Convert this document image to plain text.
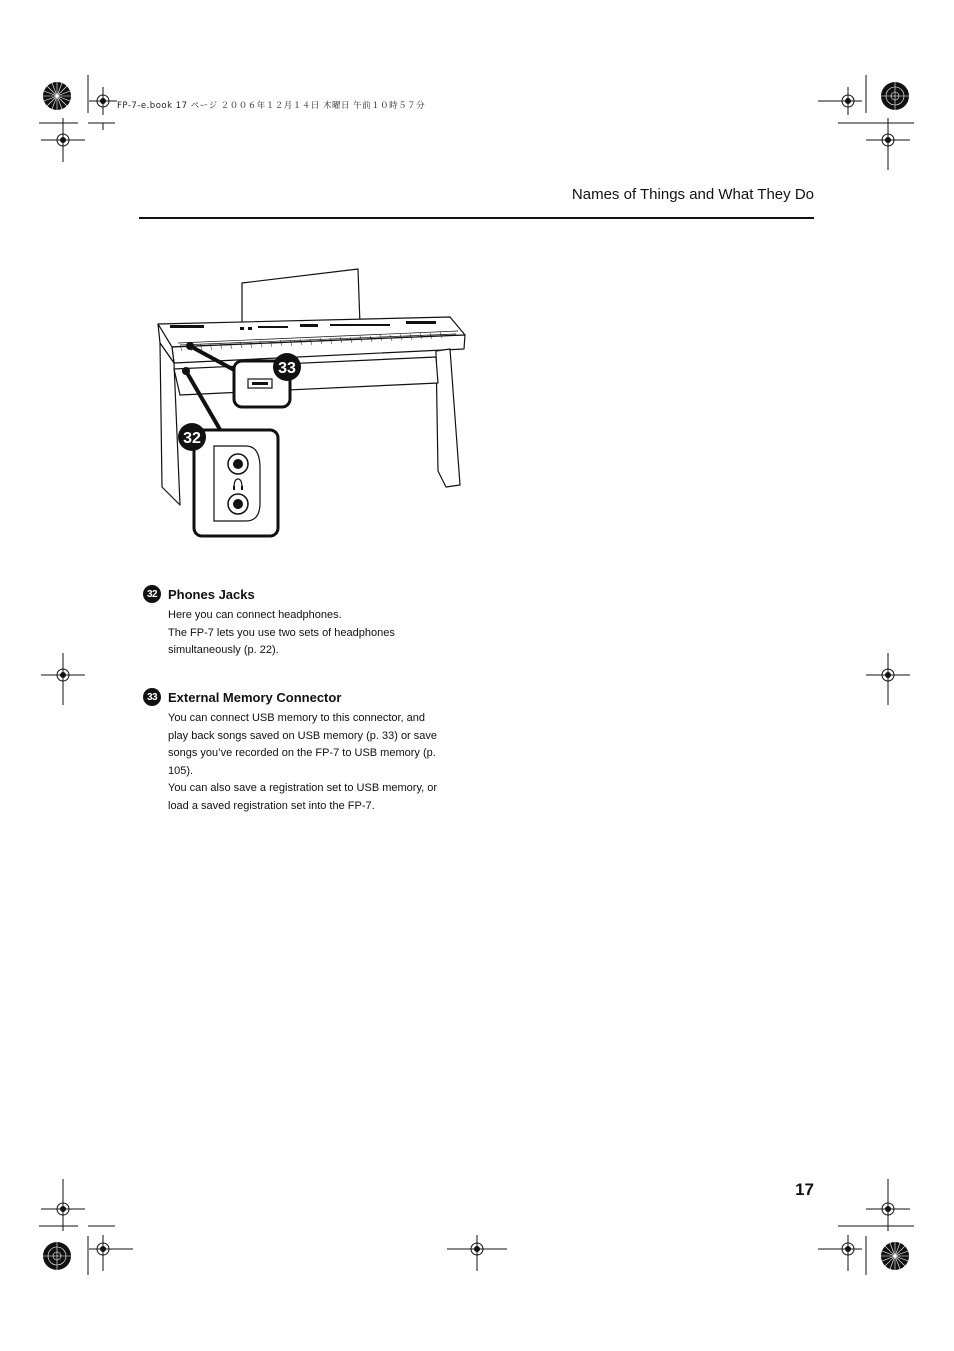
FP-7-e.book 17 ページ ２００６年１２月１４日 木曜日 午前１０時５７分
Names of Things and What They Do
33
32
32 Phones Jacks

Here you can connect headphones.

The FP-7 lets you use two sets of headphones

simultaneously (p. 22).

33 External Memory Connector

You can connect USB memory to this connector, and

play back songs saved on USB memory (p. 33) or save

songs you’ve recorded on the FP-7 to USB memory (p.

105).

You can also save a registration set to USB memory, or

load a saved registration set into the FP-7.

17
